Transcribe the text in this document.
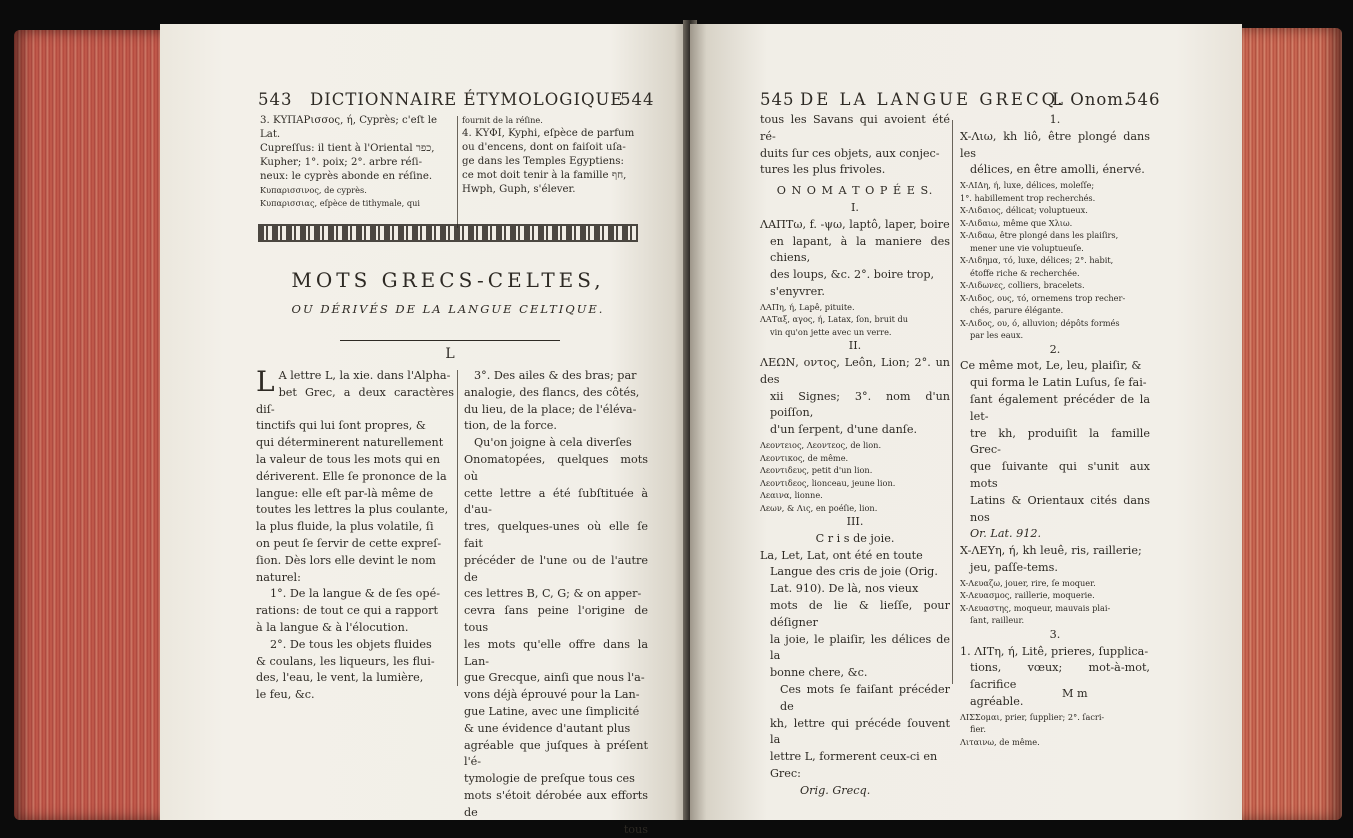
543 DICTIONNAIRE ÉTYMOLOGIQUE
544
3. ΚΥΠΑΡισσος, ή, Cyprès; c'eſt le Lat.
Cupreſſus: il tient à l'Oriental כפר,
Kupher; 1°. poix; 2°. arbre réſi-
neux: le cyprès abonde en réſine.
Κυπαρισσινος, de cyprès.
Κυπαρισσιας, eſpèce de tithymale, qui
fournit de la réſine.
4. ΚΥΦΙ, Kyphi, eſpèce de parfum
ou d'encens, dont on faiſoit uſa-
ge dans les Temples Egyptiens:
ce mot doit tenir à la famille חף,
Hwph, Guph, s'élever.
MOTS GRECS-CELTES,
OU DÉRIVÉS DE LA LANGUE CELTIQUE.
L
L A lettre L, la xie. dans l'Alpha-
bet Grec, a deux caractères diſ-
tinctifs qui lui ſont propres, &
qui déterminerent naturellement
la valeur de tous les mots qui en
dériverent. Elle ſe prononce de la
langue: elle eſt par-là même de
toutes les lettres la plus coulante,
la plus fluide, la plus volatile, ſi
on peut ſe ſervir de cette expreſ-
ſion. Dès lors elle devint le nom
naturel:
1°. De la langue & de ſes opé-
rations: de tout ce qui a rapport
à la langue & à l'élocution.
2°. De tous les objets fluides
& coulans, les liqueurs, les flui-
des, l'eau, le vent, la lumière,
le feu, &c.
3°. Des ailes & des bras; par
analogie, des flancs, des côtés,
du lieu, de la place; de l'éléva-
tion, de la force.
Qu'on joigne à cela diverſes
Onomatopées, quelques mots où
cette lettre a été ſubſtituée à d'au-
tres, quelques-unes où elle ſe fait
précéder de l'une ou de l'autre de
ces lettres B, C, G; & on apper-
cevra ſans peine l'origine de tous
les mots qu'elle offre dans la Lan-
gue Grecque, ainſi que nous l'a-
vons déjà éprouvé pour la Lan-
gue Latine, avec une ſimplicité
& une évidence d'autant plus
agréable que juſques à préſent l'é-
tymologie de preſque tous ces
mots s'étoit dérobée aux efforts de
tous
545 DE LA LANGUE GRECQ.
L Onom.
546
tous les Savans qui avoient été ré-
duits ſur ces objets, aux conjec-
tures les plus frivoles.
O N O M A T O P É E S.
I.
ΛΑΠΤω, f. -ψω, laptô, laper, boire
en lapant, à la maniere des chiens,
des loups, &c. 2°. boire trop,
s'enyvrer.
ΛΑΠη, ή, Lapê, pituite.
ΛΑΤαξ, αγος, ή, Latax, ſon, bruit du
vin qu'on jette avec un verre.
II.
ΛΕΩΝ, οντος, Leôn, Lion; 2°. un des
xii Signes; 3°. nom d'un poiſſon,
d'un ſerpent, d'une danſe.
Λεοντειος, Λεοντεος, de lion.
Λεοντικος, de même.
Λεοντιδευς, petit d'un lion.
Λεοντιδεος, lionceau, jeune lion.
Λεαινα, lionne.
Λεων, & Λις, en poéſie, lion.
III.
C r i s de joie.
La, Let, Lat, ont été en toute
Langue des cris de joie (Orig.
Lat. 910). De là, nos vieux
mots de lie & lieſſe, pour déſigner
la joie, le plaiſir, les délices de la
bonne chere, &c.
Ces mots ſe faiſant précéder de
kh, lettre qui précéde ſouvent la
lettre L, formerent ceux-ci en
Grec:
Orig. Grecq.
1.
X-Λιω, kh liô, être plongé dans les
délices, en être amolli, énervé.
X-ΛΙΔη, ή, luxe, délices, moleſſe;
1°. habillement trop recherchés.
X-Λιδαιος, délicat; voluptueux.
X-Λιδαιω, même que Χλιω.
X-Λιδαω, être plongé dans les plaiſirs,
mener une vie voluptueuſe.
X-Λιδημα, τό, luxe, délices; 2°. habit,
étoffe riche & recherchée.
X-Λιδωνες, colliers, bracelets.
X-Λιδος, ους, τό, ornemens trop recher-
chés, parure élégante.
X-Λιδος, ου, ό, alluvion; dépôts formés
par les eaux.
2.
Ce même mot, Le, leu, plaiſir, &
qui forma le Latin Luſus, ſe fai-
ſant également précéder de la let-
tre kh, produiſit la famille Grec-
que ſuivante qui s'unit aux mots
Latins & Orientaux cités dans nos
Or. Lat. 912.
X-ΛΕΥη, ή, kh leuê, ris, raillerie;
jeu, paſſe-tems.
X-Λευαζω, jouer, rire, ſe moquer.
X-Λευασμος, raillerie, moquerie.
X-Λευαστης, moqueur, mauvais plai-
ſant, railleur.
3.
1. ΛΙΤη, ή, Litê, prieres, ſupplica-
tions, vœux; mot-à-mot, ſacrifice
agréable.
ΛΙΣΣομαι, prier, ſupplier; 2°. ſacri-
fier.
Λιταινω, de même.
M m
